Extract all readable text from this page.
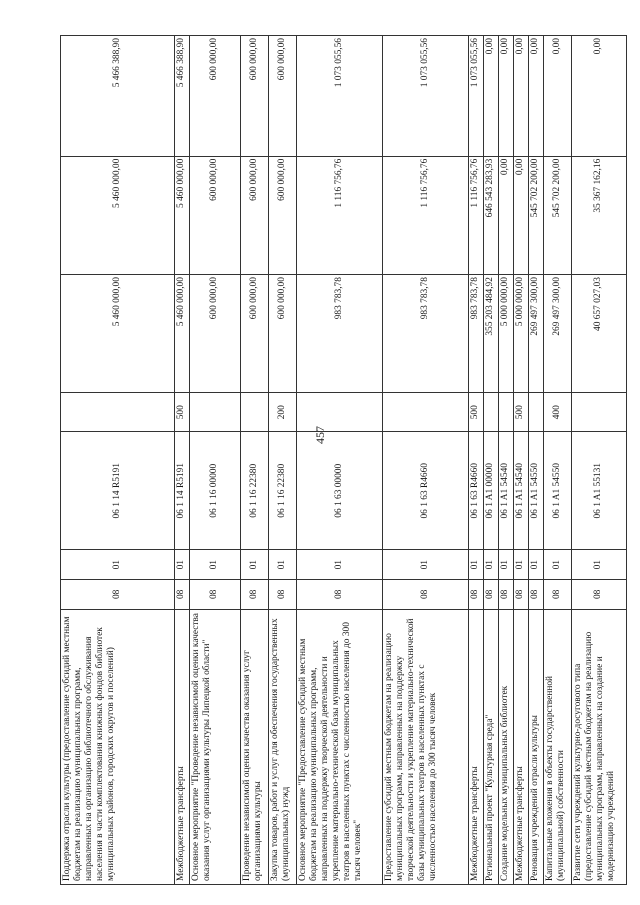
457
Поддержка отрасли культуры (предоставление субсидий местным бюджетам на реализацию муниципальных программ, направленных на организацию библиотечного обслуживания населения в части комплектования книжных фондов библиотек муниципальных районов, городских округов и поселений)	08	01	06 1 14 R5191		5 460 000,00	5 460 000,00	5 466 388,90
Межбюджетные трансферты	08	01	06 1 14 R5191	500	5 460 000,00	5 460 000,00	5 466 388,90
Основное мероприятие "Проведение независимой оценки качества оказания услуг организациями культуры Липецкой области"	08	01	06 1 16 00000		600 000,00	600 000,00	600 000,00
Проведение независимой оценки качества оказания услуг организациями культуры	08	01	06 1 16 22380		600 000,00	600 000,00	600 000,00
Закупка товаров, работ и услуг для обеспечения государственных (муниципальных) нужд	08	01	06 1 16 22380	200	600 000,00	600 000,00	600 000,00
Основное мероприятие "Предоставление субсидий местным бюджетам на реализацию муниципальных программ, направленных на поддержку творческой деятельности и укрепление материально-технической базы муниципальных театров в населенных пунктах с численностью населения до 300 тысяч человек"	08	01	06 1 63 00000		983 783,78	1 116 756,76	1 073 055,56
Предоставление субсидий местным бюджетам на реализацию муниципальных программ, направленных на поддержку творческой деятельности и укрепление материально-технической базы муниципальных театров в населенных пунктах с численностью населения до 300 тысяч человек	08	01	06 1 63 R4660		983 783,78	1 116 756,76	1 073 055,56
Межбюджетные трансферты	08	01	06 1 63 R4660	500	983 783,78	1 116 756,76	1 073 055,56
Региональный проект "Культурная среда"	08	01	06 1 A1 00000		355 203 484,92	646 543 283,93	0,00
Создание модельных муниципальных библиотек	08	01	06 1 A1 54540		5 000 000,00	0,00	0,00
Межбюджетные трансферты	08	01	06 1 A1 54540	500	5 000 000,00	0,00	0,00
Реновация учреждений отрасли культуры	08	01	06 1 A1 54550		269 497 300,00	545 702 200,00	0,00
Капитальные вложения в объекты государственной (муниципальной) собственности	08	01	06 1 A1 54550	400	269 497 300,00	545 702 200,00	0,00
Развитие сети учреждений культурно-досугового типа (предоставление субсидий местным бюджетам на реализацию муниципальных программ, направленных на создание и модернизацию учреждений	08	01	06 1 A1 55131		40 657 027,03	35 367 162,16	0,00
